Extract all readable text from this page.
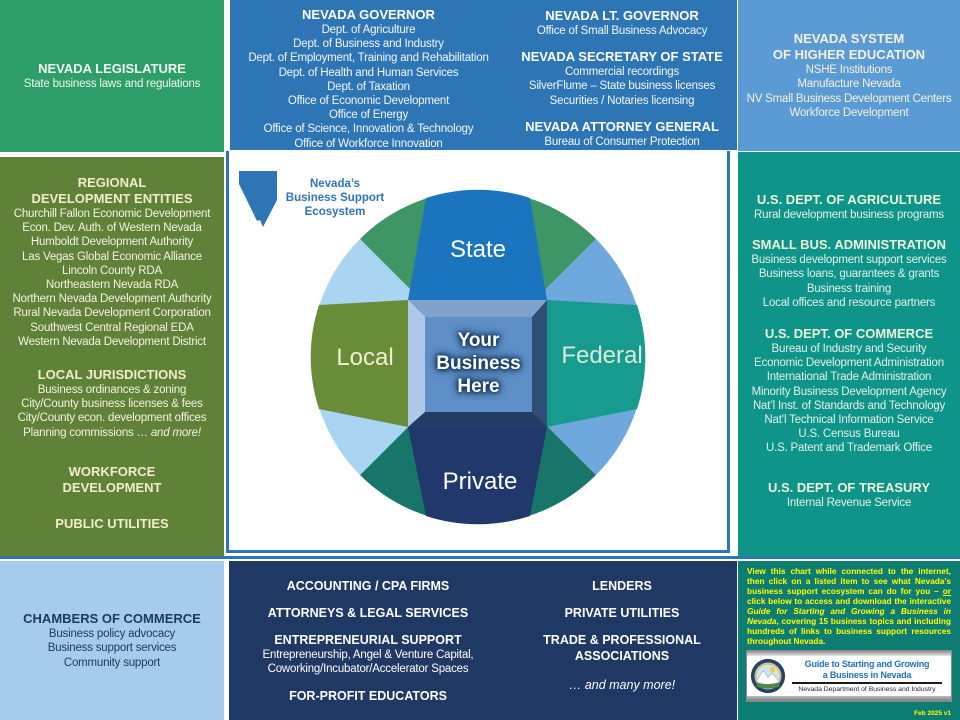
NEVADA LEGISLATURE
State business laws and regulations
NEVADA GOVERNOR
Dept. of Agriculture
Dept. of Business and Industry
Dept. of Employment, Training and Rehabilitation
Dept. of Health and Human Services
Dept. of Taxation
Office of Economic Development
Office of Energy
Office of Science, Innovation & Technology
Office of Workforce Innovation
NEVADA LT. GOVERNOR
Office of Small Business Advocacy
NEVADA SECRETARY OF STATE
Commercial recordings
SilverFlume – State business licenses
Securities / Notaries licensing
NEVADA ATTORNEY GENERAL
Bureau of Consumer Protection
NEVADA SYSTEM
OF HIGHER EDUCATION
NSHE Institutions
Manufacture Nevada
NV Small Business Development Centers
Workforce Development
REGIONAL
DEVELOPMENT ENTITIES
Churchill Fallon Economic Development
Econ. Dev. Auth. of Western Nevada
Humboldt Development Authority
Las Vegas Global Economic Alliance
Lincoln County RDA
Northeastern Nevada RDA
Northern Nevada Development Authority
Rural Nevada Development Corporation
Southwest Central Regional EDA
Western Nevada Development District
LOCAL JURISDICTIONS
Business ordinances & zoning
City/County business licenses & fees
City/County econ. development offices
Planning commissions … and more!
WORKFORCE
DEVELOPMENT
PUBLIC UTILITIES
Nevada’s
Business Support
Ecosystem
State
Federal
Private
Local
Your
Business
Here
U.S. DEPT. OF AGRICULTURE
Rural development business programs
SMALL BUS. ADMINISTRATION
Business development support services
Business loans, guarantees & grants
Business training
Local offices and resource partners
U.S. DEPT. OF COMMERCE
Bureau of Industry and Security
Economic Development Administration
International Trade Administration
Minority Business Development Agency
Nat’l Inst. of Standards and Technology
Nat’l Technical Information Service
U.S. Census Bureau
U.S. Patent and Trademark Office
U.S. DEPT. OF TREASURY
Internal Revenue Service
CHAMBERS OF COMMERCE
Business policy advocacy
Business support services
Community support
ACCOUNTING / CPA FIRMS
ATTORNEYS & LEGAL SERVICES
ENTREPRENEURIAL SUPPORT
Entrepreneurship, Angel & Venture Capital,
Coworking/Incubator/Accelerator Spaces
FOR-PROFIT EDUCATORS
LENDERS
PRIVATE UTILITIES
TRADE & PROFESSIONAL
ASSOCIATIONS
… and many more!
View this chart while connected to the internet, then click on a listed item to see what Nevada’s business support ecosystem can do for you – or click below to access and download the interactive Guide for Starting and Growing a Business in Nevada, covering 15 business topics and including hundreds of links to business support resources throughout Nevada.
Guide to Starting and Growing
a Business in Nevada
Nevada Department of Business and Industry
Feb 2025 v1
